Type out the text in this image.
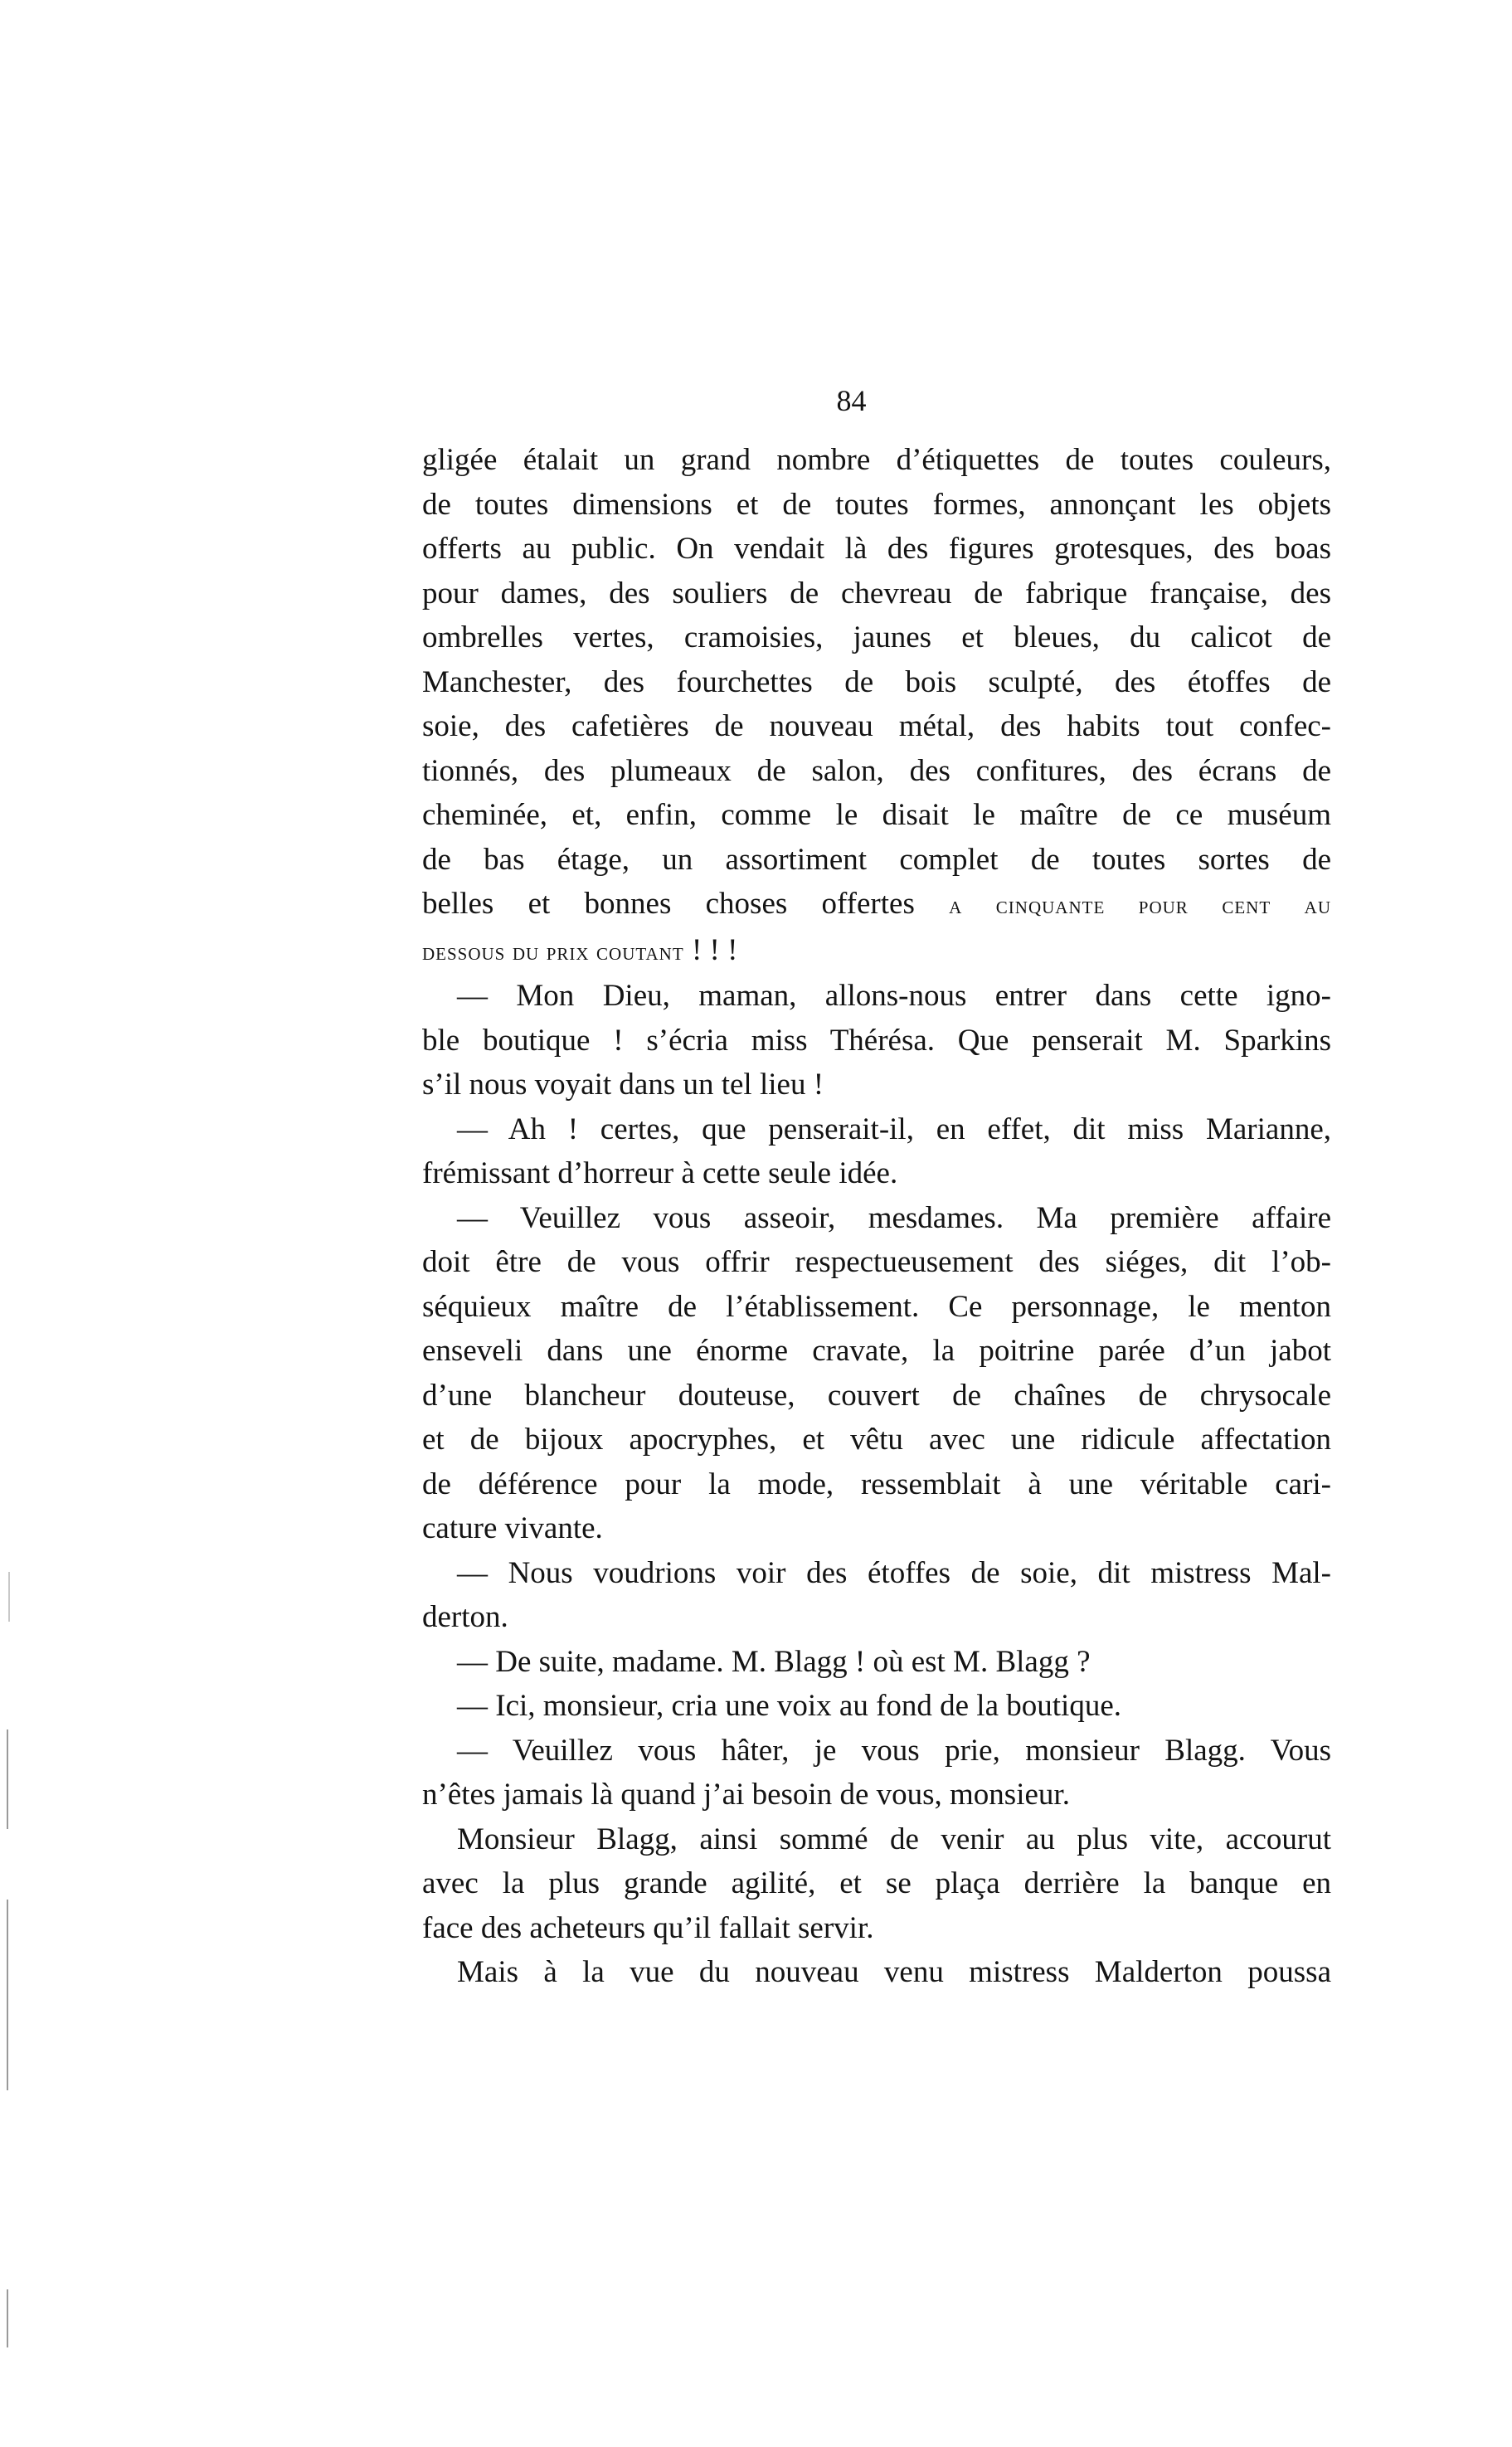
84
gligée étalait un grand nombre d’étiquettes de toutes couleurs,
de toutes dimensions et de toutes formes, annonçant les objets
offerts au public. On vendait là des figures grotesques, des boas
pour dames, des souliers de chevreau de fabrique française, des
ombrelles vertes, cramoisies, jaunes et bleues, du calicot de
Manchester, des fourchettes de bois sculpté, des étoffes de
soie, des cafetières de nouveau métal, des habits tout confec-
tionnés, des plumeaux de salon, des confitures, des écrans de
cheminée, et, enfin, comme le disait le maître de ce muséum
de bas étage, un assortiment complet de toutes sortes de
belles et bonnes choses offertes a cinquante pour cent au
dessous du prix coutant ! ! !
— Mon Dieu, maman, allons-nous entrer dans cette igno-
ble boutique ! s’écria miss Thérésa. Que penserait M. Sparkins
s’il nous voyait dans un tel lieu !
— Ah ! certes, que penserait-il, en effet, dit miss Marianne,
frémissant d’horreur à cette seule idée.
— Veuillez vous asseoir, mesdames. Ma première affaire
doit être de vous offrir respectueusement des siéges, dit l’ob-
séquieux maître de l’établissement. Ce personnage, le menton
enseveli dans une énorme cravate, la poitrine parée d’un jabot
d’une blancheur douteuse, couvert de chaînes de chrysocale
et de bijoux apocryphes, et vêtu avec une ridicule affectation
de déférence pour la mode, ressemblait à une véritable cari-
cature vivante.
— Nous voudrions voir des étoffes de soie, dit mistress Mal-
derton.
— De suite, madame. M. Blagg ! où est M. Blagg ?
— Ici, monsieur, cria une voix au fond de la boutique.
— Veuillez vous hâter, je vous prie, monsieur Blagg. Vous
n’êtes jamais là quand j’ai besoin de vous, monsieur.
Monsieur Blagg, ainsi sommé de venir au plus vite, accourut
avec la plus grande agilité, et se plaça derrière la banque en
face des acheteurs qu’il fallait servir.
Mais à la vue du nouveau venu mistress Malderton poussa
